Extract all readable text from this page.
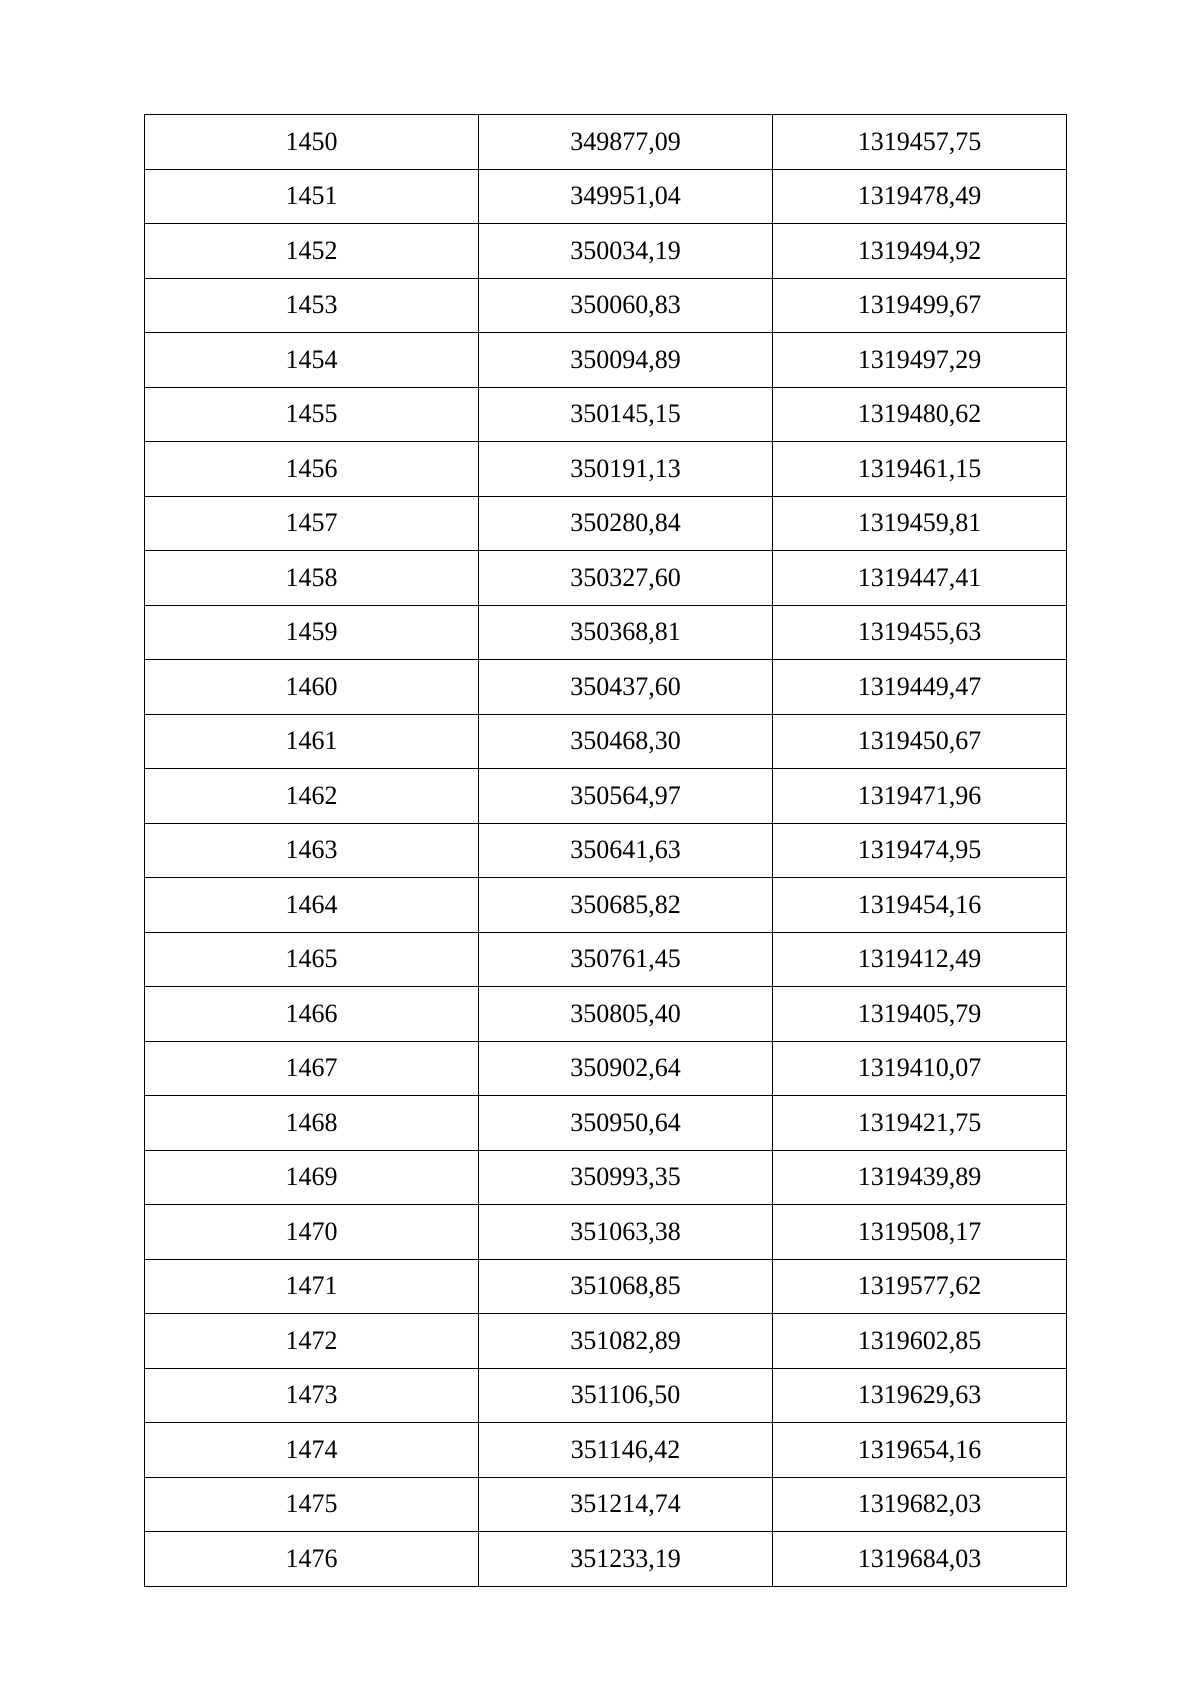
1450	349877,09	1319457,75
1451	349951,04	1319478,49
1452	350034,19	1319494,92
1453	350060,83	1319499,67
1454	350094,89	1319497,29
1455	350145,15	1319480,62
1456	350191,13	1319461,15
1457	350280,84	1319459,81
1458	350327,60	1319447,41
1459	350368,81	1319455,63
1460	350437,60	1319449,47
1461	350468,30	1319450,67
1462	350564,97	1319471,96
1463	350641,63	1319474,95
1464	350685,82	1319454,16
1465	350761,45	1319412,49
1466	350805,40	1319405,79
1467	350902,64	1319410,07
1468	350950,64	1319421,75
1469	350993,35	1319439,89
1470	351063,38	1319508,17
1471	351068,85	1319577,62
1472	351082,89	1319602,85
1473	351106,50	1319629,63
1474	351146,42	1319654,16
1475	351214,74	1319682,03
1476	351233,19	1319684,03
